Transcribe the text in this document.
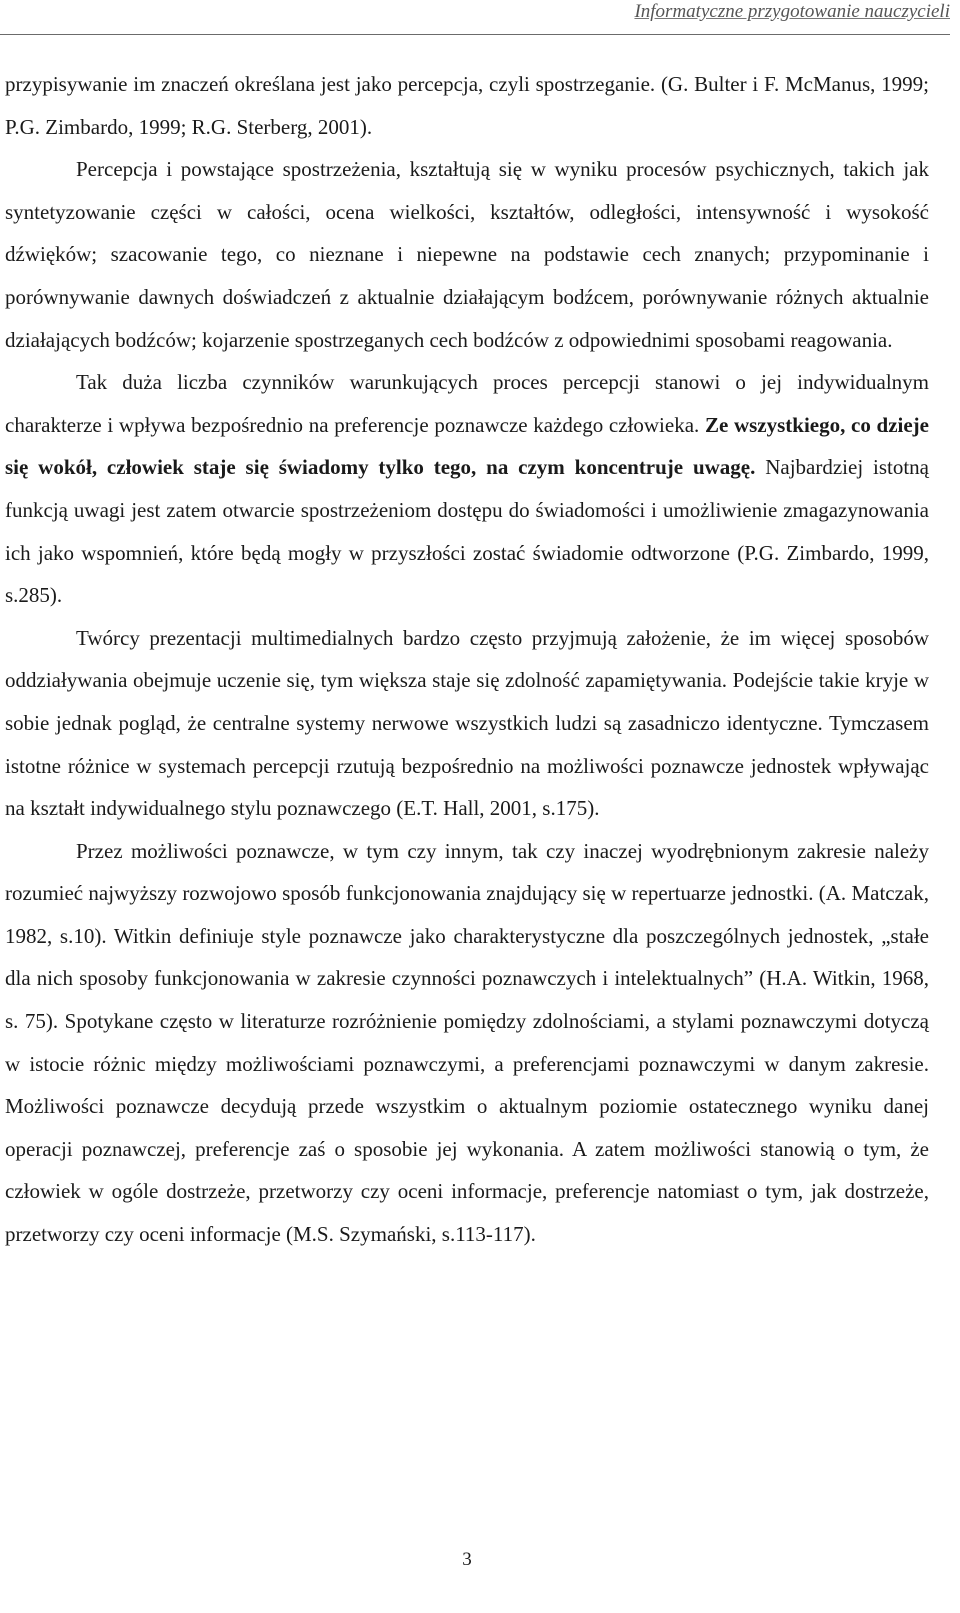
Informatyczne przygotowanie nauczycieli

przypisywanie im znaczeń określana jest jako percepcja, czyli spostrzeganie. (G. Bulter i F. McManus, 1999; P.G. Zimbardo, 1999; R.G. Sterberg, 2001).

Percepcja i powstające spostrzeżenia, kształtują się w wyniku procesów psychicznych, takich jak syntetyzowanie części w całości, ocena wielkości, kształtów, odległości, intensywność i wysokość dźwięków; szacowanie tego, co nieznane i niepewne na podstawie cech znanych; przypominanie i porównywanie dawnych doświadczeń z aktualnie działającym bodźcem, porównywanie różnych aktualnie działających bodźców; kojarzenie spostrzeganych cech bodźców z odpowiednimi sposobami reagowania.

Tak duża liczba czynników warunkujących proces percepcji stanowi o jej indywidualnym charakterze i wpływa bezpośrednio na preferencje poznawcze każdego człowieka. Ze wszystkiego, co dzieje się wokół, człowiek staje się świadomy tylko tego, na czym koncentruje uwagę. Najbardziej istotną funkcją uwagi jest zatem otwarcie spostrzeżeniom dostępu do świadomości i umożliwienie zmagazynowania ich jako wspomnień, które będą mogły w przyszłości zostać świadomie odtworzone (P.G. Zimbardo, 1999, s.285).

Twórcy prezentacji multimedialnych bardzo często przyjmują założenie, że im więcej sposobów oddziaływania obejmuje uczenie się, tym większa staje się zdolność zapamiętywania. Podejście takie kryje w sobie jednak pogląd, że centralne systemy nerwowe wszystkich ludzi są zasadniczo identyczne. Tymczasem istotne różnice w systemach percepcji rzutują bezpośrednio na możliwości poznawcze jednostek wpływając na kształt indywidualnego stylu poznawczego (E.T. Hall, 2001, s.175).

Przez możliwości poznawcze, w tym czy innym, tak czy inaczej wyodrębnionym zakresie należy rozumieć najwyższy rozwojowo sposób funkcjonowania znajdujący się w repertuarze jednostki. (A. Matczak, 1982, s.10). Witkin definiuje style poznawcze jako charakterystyczne dla poszczególnych jednostek, „stałe dla nich sposoby funkcjonowania w zakresie czynności poznawczych i intelektualnych” (H.A. Witkin, 1968, s. 75). Spotykane często w literaturze rozróżnienie pomiędzy zdolnościami, a stylami poznawczymi dotyczą w istocie różnic między możliwościami poznawczymi, a preferencjami poznawczymi w danym zakresie. Możliwości poznawcze decydują przede wszystkim o aktualnym poziomie ostatecznego wyniku danej operacji poznawczej, preferencje zaś o sposobie jej wykonania. A zatem możliwości stanowią o tym, że człowiek w ogóle dostrzeże, przetworzy czy oceni informacje, preferencje natomiast o tym, jak dostrzeże, przetworzy czy oceni informacje (M.S. Szymański, s.113-117).

3
